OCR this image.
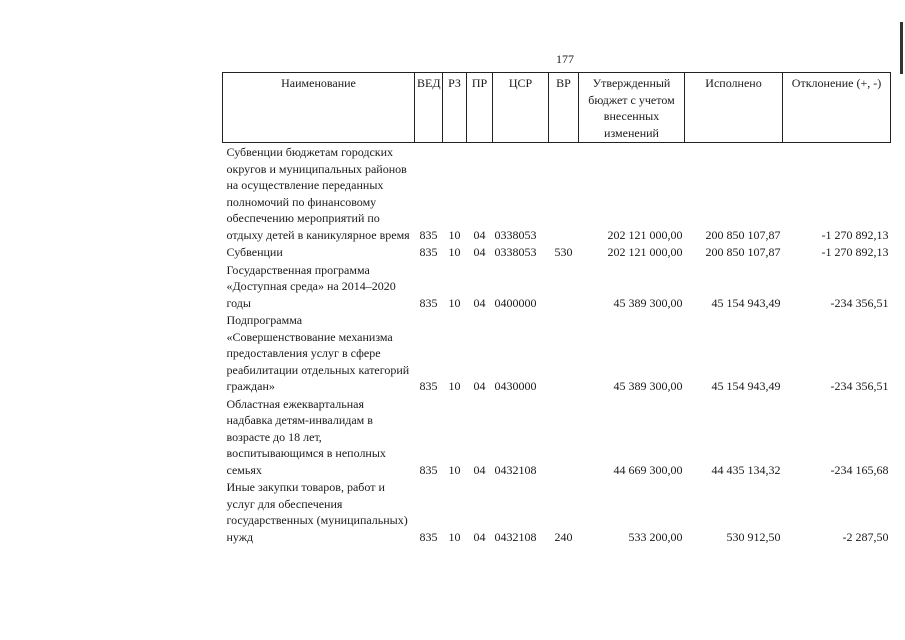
177
Наименование	ВЕД	РЗ	ПР	ЦСР	ВР	Утвержденный бюджет с учетом внесенных изменений	Исполнено	Отклонение (+, -)
Субвенции бюджетам городских округов и муниципальных районов на осуществление переданных полномочий по финансовому обеспечению мероприятий по отдыху детей в каникулярное время	835	10	04	0338053		202 121 000,00	200 850 107,87	-1 270 892,13
Субвенции	835	10	04	0338053	530	202 121 000,00	200 850 107,87	-1 270 892,13
Государственная программа «Доступная среда» на 2014–2020 годы	835	10	04	0400000		45 389 300,00	45 154 943,49	-234 356,51
Подпрограмма «Совершенствование механизма предоставления услуг в сфере реабилитации отдельных категорий граждан»	835	10	04	0430000		45 389 300,00	45 154 943,49	-234 356,51
Областная ежеквартальная надбавка детям-инвалидам в возрасте до 18 лет, воспитывающимся в неполных семьях	835	10	04	0432108		44 669 300,00	44 435 134,32	-234 165,68
Иные закупки товаров, работ и услуг для обеспечения государственных (муниципальных) нужд	835	10	04	0432108	240	533 200,00	530 912,50	-2 287,50
